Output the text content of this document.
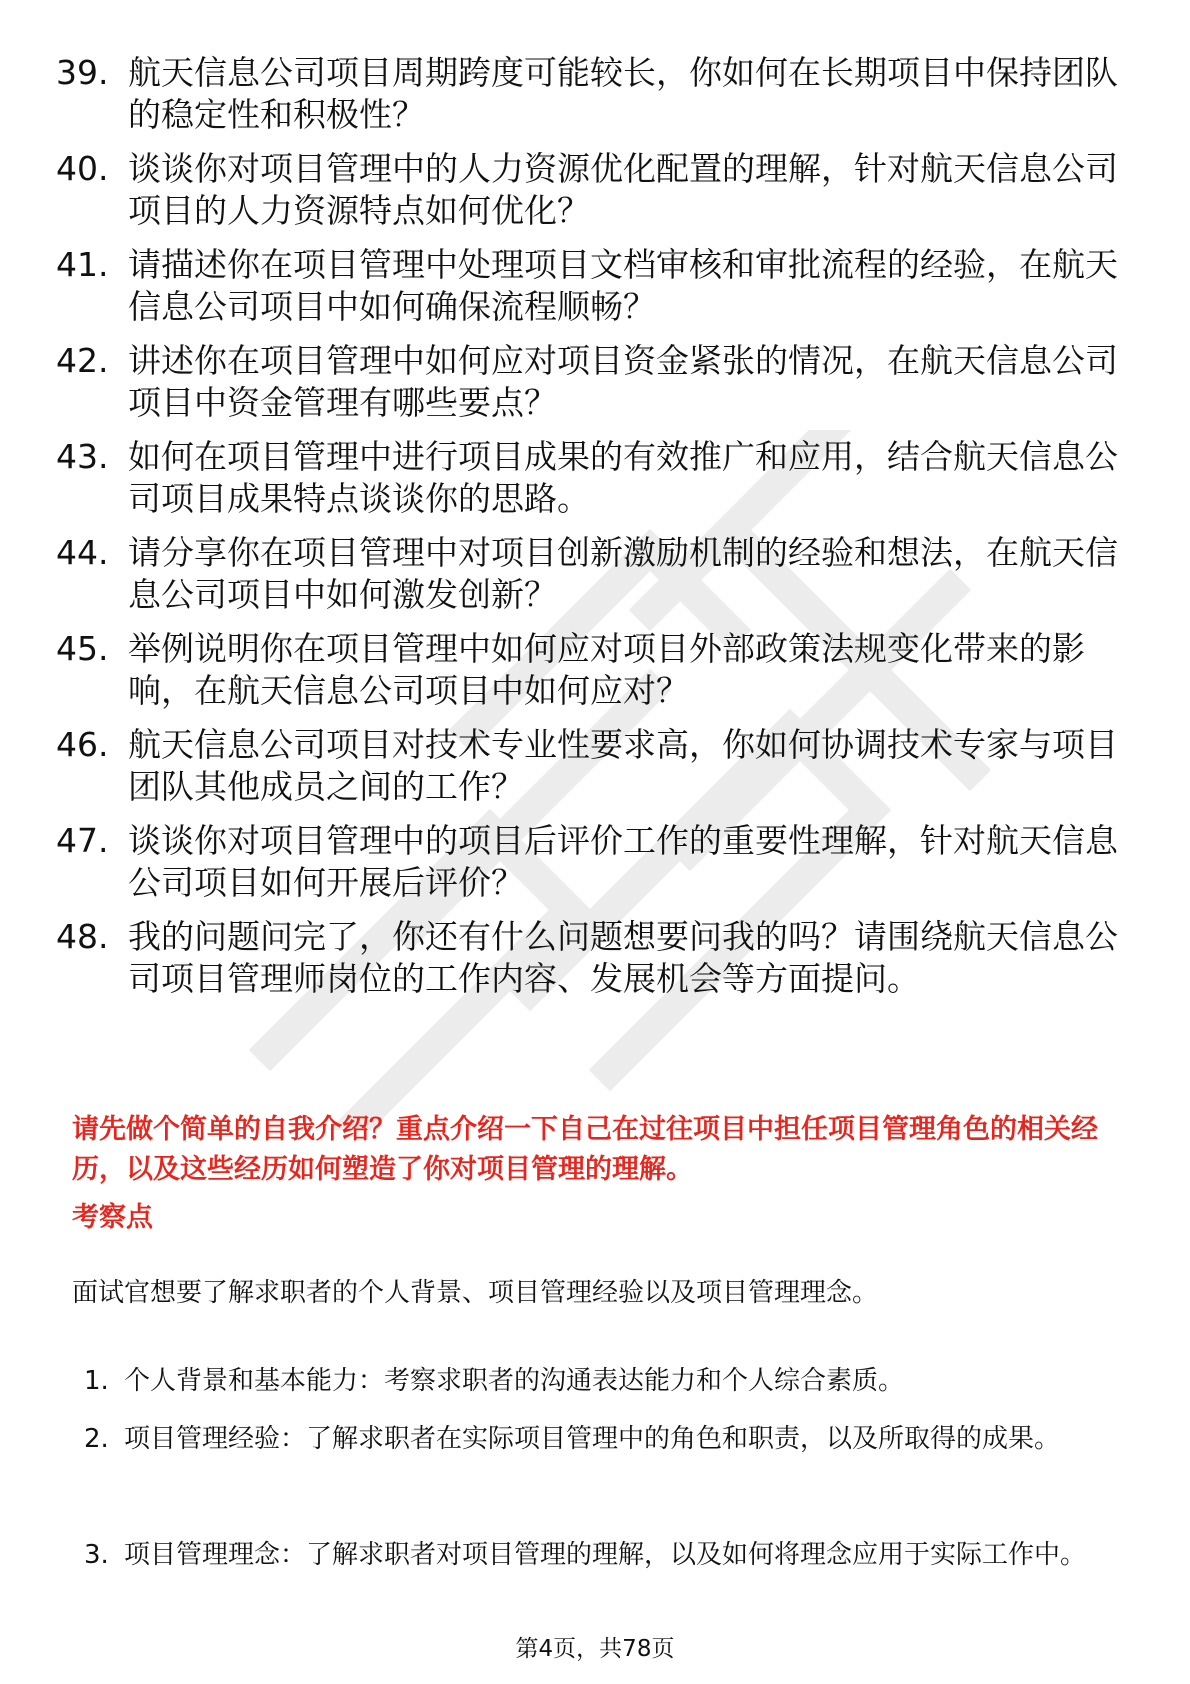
39. 航天信息公司项目周期跨度可能较长，你如何在长期项目中保持团队的稳定性和积极性？
40. 谈谈你对项目管理中的人力资源优化配置的理解，针对航天信息公司项目的人力资源特点如何优化？
41. 请描述你在项目管理中处理项目文档审核和审批流程的经验，在航天信息公司项目中如何确保流程顺畅？
42. 讲述你在项目管理中如何应对项目资金紧张的情况，在航天信息公司项目中资金管理有哪些要点？
43. 如何在项目管理中进行项目成果的有效推广和应用，结合航天信息公司项目成果特点谈谈你的思路。
44. 请分享你在项目管理中对项目创新激励机制的经验和想法，在航天信息公司项目中如何激发创新？
45. 举例说明你在项目管理中如何应对项目外部政策法规变化带来的影响，在航天信息公司项目中如何应对？
46. 航天信息公司项目对技术专业性要求高，你如何协调技术专家与项目团队其他成员之间的工作？
47. 谈谈你对项目管理中的项目后评价工作的重要性理解，针对航天信息公司项目如何开展后评价？
48. 我的问题问完了，你还有什么问题想要问我的吗？请围绕航天信息公司项目管理师岗位的工作内容、发展机会等方面提问。
请先做个简单的自我介绍？重点介绍一下自己在过往项目中担任项目管理角色的相关经历，以及这些经历如何塑造了你对项目管理的理解。
考察点
面试官想要了解求职者的个人背景、项目管理经验以及项目管理理念。
1. 个人背景和基本能力：考察求职者的沟通表达能力和个人综合素质。
2. 项目管理经验：了解求职者在实际项目管理中的角色和职责，以及所取得的成果。
3. 项目管理理念：了解求职者对项目管理的理解，以及如何将理念应用于实际工作中。
第4页，共78页
